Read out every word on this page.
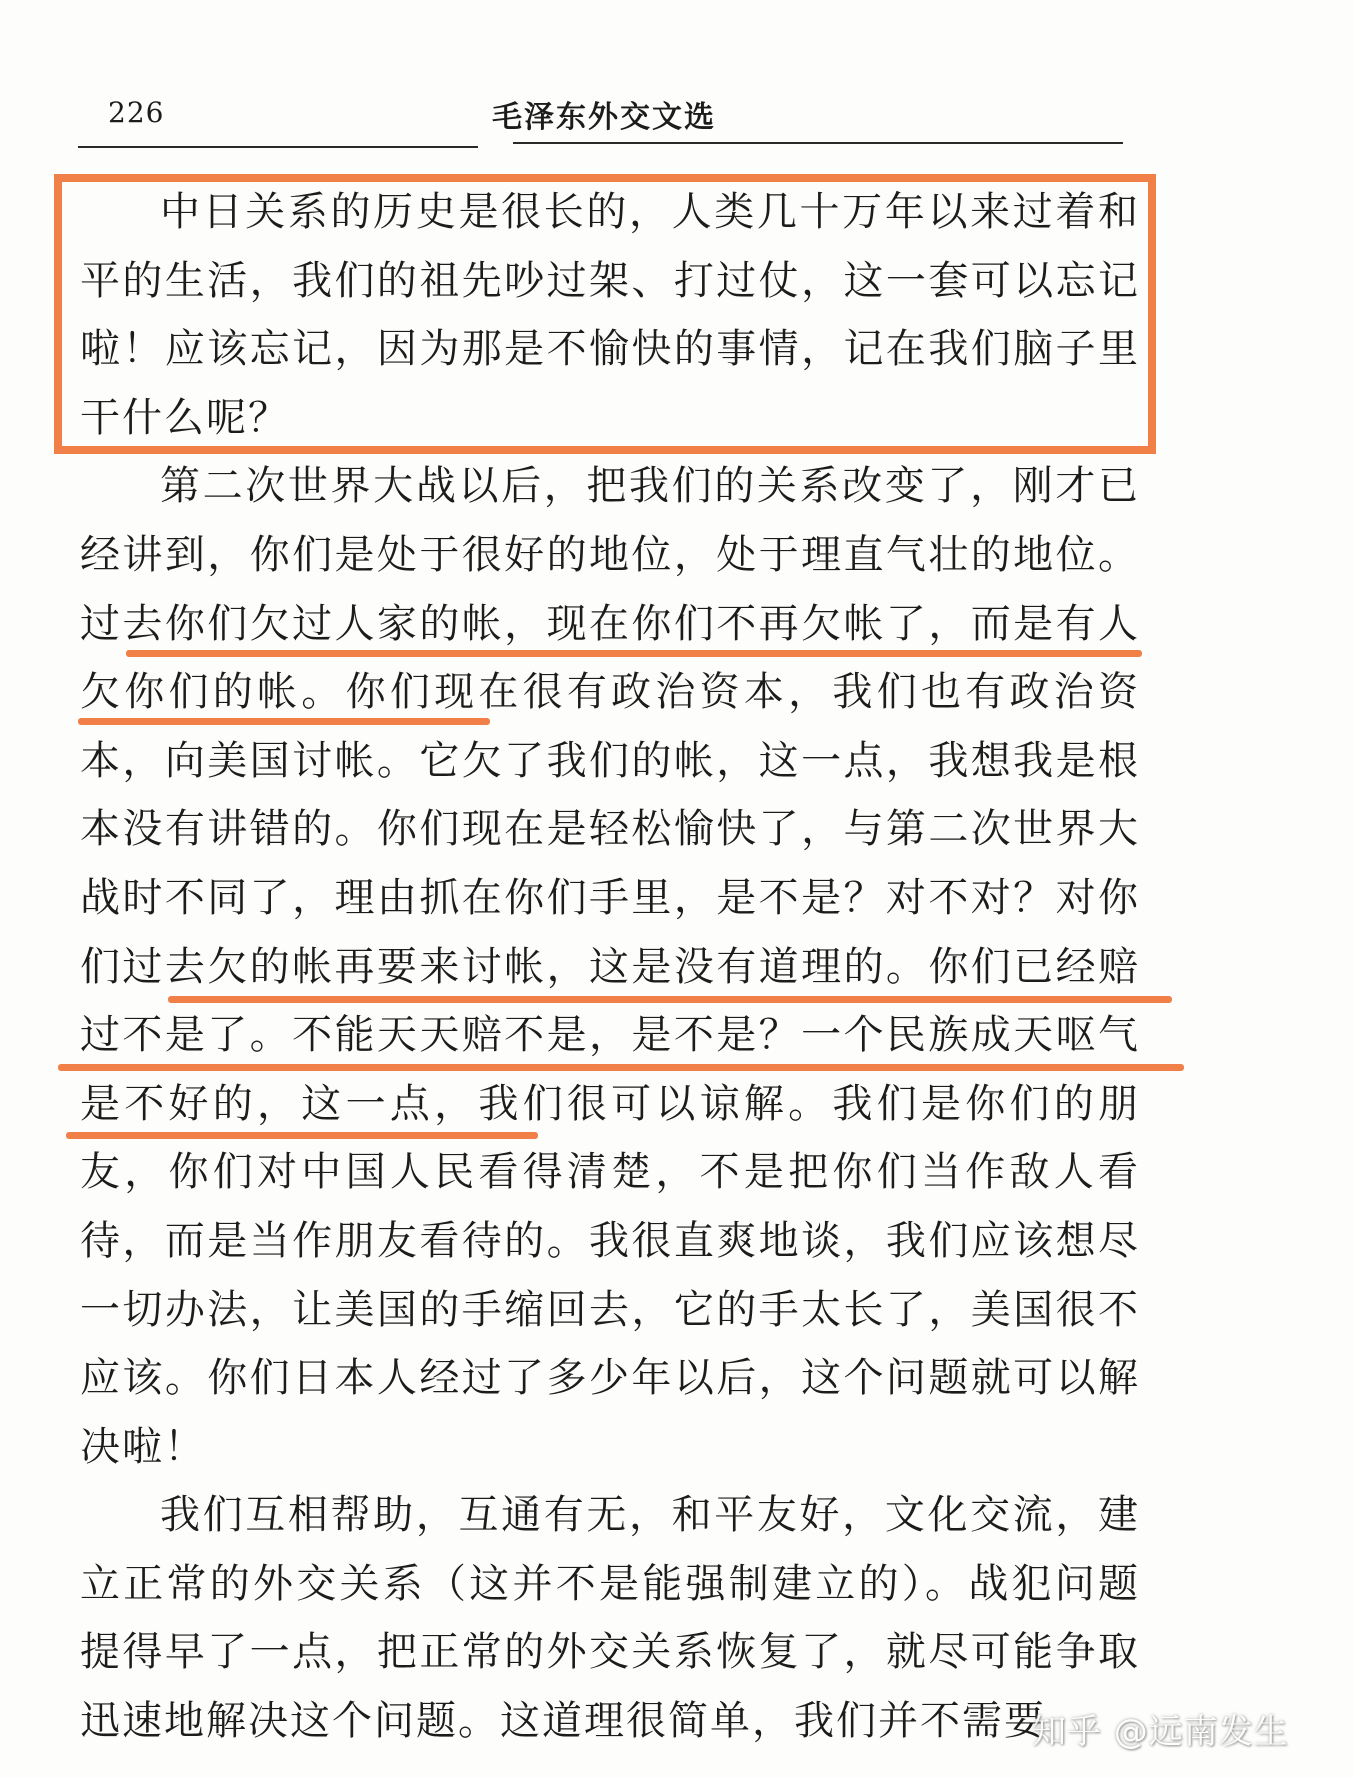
226	毛泽东外交文选

中日关系的历史是很长的，人类几十万年以来过着和平的生活，我们的祖先吵过架、打过仗，这一套可以忘记啦！应该忘记，因为那是不愉快的事情，记在我们脑子里干什么呢？

第二次世界大战以后，把我们的关系改变了，刚才已经讲到，你们是处于很好的地位，处于理直气壮的地位。过去你们欠过人家的帐，现在你们不再欠帐了，而是有人欠你们的帐。你们现在很有政治资本，我们也有政治资本，向美国讨帐。它欠了我们的帐，这一点，我想我是根本没有讲错的。你们现在是轻松愉快了，与第二次世界大战时不同了，理由抓在你们手里，是不是？对不对？对你们过去欠的帐再要来讨帐，这是没有道理的。你们已经赔过不是了。不能天天赔不是，是不是？一个民族成天呕气是不好的，这一点，我们很可以谅解。我们是你们的朋友，你们对中国人民看得清楚，不是把你们当作敌人看待，而是当作朋友看待的。我很直爽地谈，我们应该想尽一切办法，让美国的手缩回去，它的手太长了，美国很不应该。你们日本人经过了多少年以后，这个问题就可以解决啦！

我们互相帮助，互通有无，和平友好，文化交流，建立正常的外交关系（这并不是能强制建立的）。战犯问题提得早了一点，把正常的外交关系恢复了，就尽可能争取迅速地解决这个问题。这道理很简单，我们并不需要

知乎 @远南发生
